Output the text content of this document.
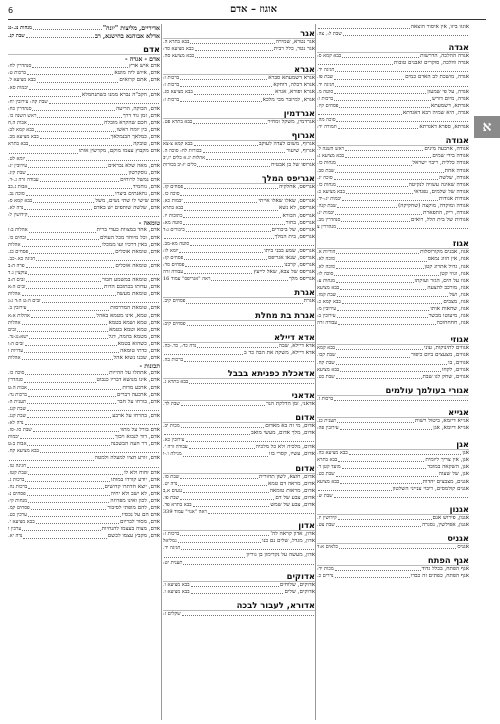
6	אוגוז – אדם
א
אוגזו ביזו, אין איסור הוצאה
שבת ל:, צה.
אגדה
אגדה ההלכה, הדרשות
בבא קמא ס:
אגדה והלכה, סוקרים ואבנים טובות
חגיגה יד.
אגדה, מושכת לב האדם כמים
שבת פז.
חגיגה יד.
אגדה, על פי שמעון
סוטה מ.
אגדה, מיום דורש
ברכות ו:
אגדתא, דשמעתא
פסחים קיז.
אגדה, היא שמיה רבא דאגדתא
סוכה מה.
אגדתא, ספרא דאגדתא
תמורה יד:
אגודה
אגודה, ארבעה מינים
ראש השנה ל.
אגודה בידי שמים
בבא מציעא ג:
אגודה כללית, ריבוי ישראל
מנחות כז.
אגודה אחת
שבת סב.
אגודה, שלשה
סוכה יג.
אגודה שאינה עשויה לנקיטה
מנחות כז.
אגודה של שלמים, נפגדאי
בבא מציעא כ:
אגודות אגודות
יבמות יג:-יד.
אגודה ומוקדה, מוקצה (שחקיקה)
שבת קנה.
אגודה, ריק, התפארת
יבמות יג:
אגודות של בית הלל, רואים
סנהדרין מב.
מנהדרין צ
אגוז
אגוז, אבנים מקורוסלות
הוריות א.
אגוז, אין הזוג נמאס
סוכה לא.
אגוז, גדול אתרוג קטן
סוכה לא.
אגוז, וגוזי קטן
סוכה לו:
אגוז על הים, הגזר ועזקתו
מנחות ע:
אגוז, מורכב להצעה
בבא מציעא
אגוז, ושל
שבת קמז.
אגוז, מצבים
בבא קמא כ:
אגוז, שחאות אותו
עירובין מ:
אגוז, מיעוטו מבשר
עירובין ב:
אגוז, חחחחוכה
עבודה זרה
אגוזי
אגוזים לתינוקות, עוני
בבא קמא
אגוזים, מצעצים ביום כיפור
שבת קכו.
אגוזים, בו
שבת קח.
אגוזים, לקחו
בבא מציעא
אגוזים, שחק לגו שבת
שבת כט.
אגורי בעולמך עולמים
ברכות ז.
אגייא
אגייא דיזמא, ביטול רשות
תענית כג.
אגייא דיומא, אגן
עירובין פה:
אגן
אגן
בבא מציעא כה.
אגן, אין צריך ליומית
בבא בתרא
אגן, השקאה במוכד
מועד קטן ד.
אגן, של שעוה
שבת כט.
אגנים, מצבצים יהדות
בבא מציעא
אגנים קולמסים, ריבוי ענייני השלטון
שבת ש.
אגנון
אגנון, פירוש אגם
קידושין יז.
אגנון, אפילשין, נסגרה
שבת צט.
אגניס
אגניס
כלאים א:ד
אגף הפתח
אגף הפתח, בכלל גדוד
מכות יד:
אגף הפתח, כפתים זה כבדו
נדרים כ.
אגר
אגר נטרא, שמירה
בבא בתרא ה.
אגר נטר, כלל רבית
בבא מציעא סד:
בבא מציעא סה.
אגרא
אגרא דשמעתא סברא
ברכות ו:
אגרא דכלה, דוחקא
ברכות ו:
אגרא ופורא, אגרא
בבא מציעא סג.
אגרא, למיזבר מבי מלכא
ברכות ו:
אגרדמין
אגרדמין, משקל ומחיר
בבא בתרא פט.
אגרוף
אגרוף, משום לעדה לעוקב
בבא קמא צ-צא
אגרוף, שיעור
בכורות לח: סוכה ה.
אהלות יג.א כלים יז,יב
אגרופו של בן אבטיח
כלים יז:יב בכורות
אגריפס המלך
אגריפס, אחלקיה
פסחים קז.
סוכה כז.
אגריפס, שאלו שאלו אייתי
יבמות כא.
אגריפס, לא נשא
בבא בתרא
אגריפס, הבורא
כתובות יז.
אגריפס, בחור
סוטה מא:
אגריפס, של ביכורים
ביכורים ג:ד
אגריפס, בית המלך
סוטה מא-מב.
אגריפס, שמע בבני ביתו
יומא לו:
אגריפס, שנאו אגריפס
פסחים קז:
אגריפס, קרבנו
פסחים סד:
אגריפס של צבא, שאל לייעץ
עבודה זרה
אגריפס מלך
ראה "אגריפס" עמוד 16
אגרת
אגרת
פסחים קיב.
אגרת בת מחלת
פסחים קיב:
אדא דיילא
אדא דיילא, שבה
נדה כד:, כד.-כה.
אדא דיילא, משקה את הבה כד ב
ברכות בה.
אדאכלת כפניתא בבבל
בבא בתרא ג.
אדאני
אדאני, זמן הדלקת הנר
שבת לד.
אדום
אדום, מי זה בא מאדום
מכות יב.
אדום, מלך אדום, מעשי מואב
עירובין כא.
אדום, מלכיה ולא כל מלכיה
עבודה זרה י.
אדום, עשיו, קסרי בזו
מגילה ו.-ו
אדום
אדום, חוצא, לשון תחורית
שבת סו.
אדום, מראה דם טמא
נדה יט.
אדום, מראות טומאה
נגעים א,ב
אדום, צבע של דם
שבת פו.
אדום, צבע של שמש
בבא בתרא פד.
ראה "אנוי" עמוד 339
אדון
אדון, אדון קראה לה'
ברכות ז:
אדון, מגדל, שלים נם בנו
גמליאל
חגיגה יד.
אדון, מעשה על נקדימון בן גוריון
תענית יט:
אדוקים
אדוקים, שלוחים
בבא מציעא ו.
אדוקים, שלים
בבא מציעא ו.
אדורא, לעבור לבכה
שקלים ז:
אדיריים, מליצות "יונה"
מנחות נג.-נג
אדלא אבוהנא בחישנא, רב
שבת קנ.
אדם
אדם - אגדה -
אדם איש ארץ
סנהדרין לח:
אדם, איוש ליה מוטא
ברכות ט:
אדם, אתם קרואים
בבא מציעא ל.
יבמות סא.
אדם, הקב"ה נברא ממנו כשתנחמלא
שבת קה: עירובין יח:
אדם, הבוקה, הריעה
סנהדרין כח:
אדם, זמן גוד דרך
ראש השנה כו.
אדם, חכם שהקרא מובלח
אבות ה,ח
אדם, בין יומח ראשו
בבא קמא לב:
אדם, כמלאך הבנמלאך
בבא מציעא מב.
אדם, טובקה
בבא בתרא
אדם מקבוץ עצמו מוקם, מקדשין אותו
יומא לט.
אדם, מאה שלא נבראים
עירובין יג:
אדם, נוסקרטון
שבת קיג.
אדם נמשל לרוחים
עבודה זרה ג.-ד.
אדם, נוחמיד
אבות ג.כב
אדם, נחאנתים ביצרו
סוכה נב.
אדם שישי לו שתי נשים, משל
בבא קמא ס:
אדם, שלשה שותפים יש באדם
נדה לא.
קידושין ל:
טומאה -
אדם, אחד במצוות כעדי ברית
אהלות ב:ז
אדם, וכל מיוחד מכל העולם
זבחים כו.
אדם, באין דרכיו ועו ממכלו
אהלות
אדם, טומאת אוכלים
פסחים כג.
חגיגה כא.-כב.
אדם, טומאה אוכלים
פרה ה:ב
עוקצין ג.ד
אדם, טומאה במשמע חבור
זבים ה:ב
אדם, עדותו בכתובם הדות
זבים ה:א
אדם, טומאת מעשה
אהלות
זבים ה:ט ה:ד ג:ג
אדם, טומאת המדרסות
עירובין ב.
אדם, טמא, אינו מטמא באהל
אהלות א:א
אדם, טמא ושמא בטמא
אהלות
אדם, טמא וטמא בטמא
זבים
אדם, מטמא בהמה, דגל
ישא:נג-נד.
אדם, כשהוא בטמא
זבים ה:ו
אדם, כדתי טומאה
עדויות ו
אדם, שכנו נשוא אהל
אהלות
תכונות -
אדם, אתתלו על ההייות
סוכה כו.
אדם, אינו מנושא דבריו כנבוט
סנהדרין
אדם, ארבע מדות
אבות ה:ט
אדם, ארבעה דברים
ברכות נד:
אדם, בורחו על חבר
תענית ה:
שבת קנג.
אדם, בהרחו על ארבע
שבת קנג.
נדה לא:
אדם בורל על מתוו
שבת סו.-סז.
אדם, דוד לנבוא ויבוך
יבמות
אדם, דר חעה הבשכנה
אבות ב:ט
בבא מציעא קח.
אדם, זורע חציו למעלה ולמטה
חגיגה טז.
אדם זחוח ולא לו
שבת קטז.
אדם, יודע קורדו במותו
ברכות ג.
אדם, יוצא חדתרו קדושים
ברכות נה.
אדם, לא ישב ולא יחיה
פסחים נ:
אדם, לכון ואינו מפרוזה
מנחות קי:
אדם, להם מופתי לסיבור
פסחים קמ.
אדם הם על נכסיו
ערכין כט.
אדם, מסור לבריום
בבא מציעא י.
אדם, מצוה בעצמו להנחיות
ערכין ו
אדם, מקבץ עצמו לכשם
נדה יא.
